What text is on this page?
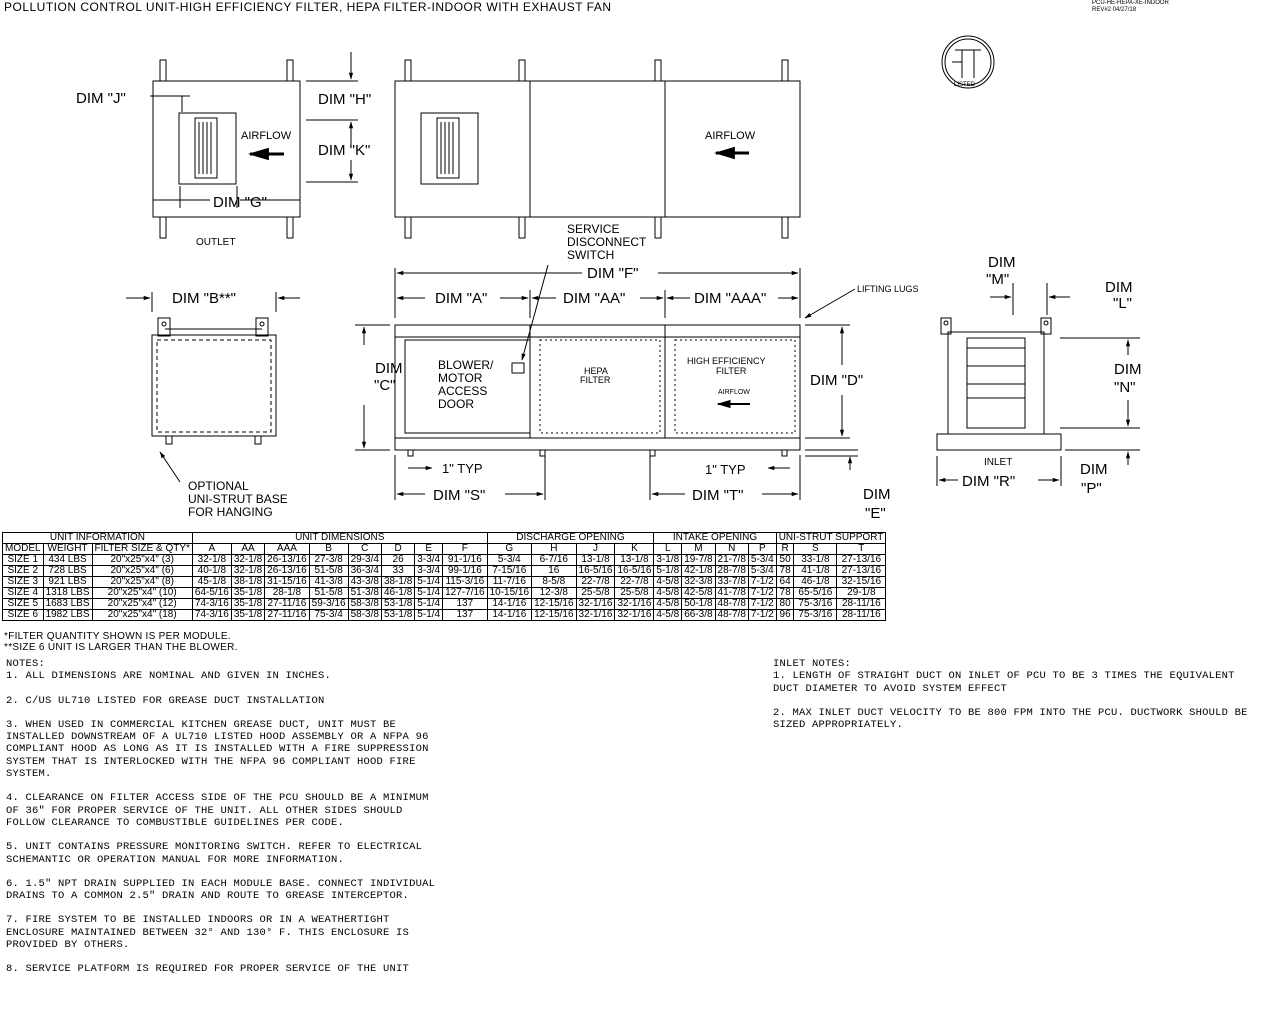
POLLUTION CONTROL UNIT-HIGH EFFICIENCY FILTER, HEPA FILTER-INDOOR WITH EXHAUST FAN	PCU-HE-HEPA-XE-INDOOR
REV#2 04/27/18
LISTED
DIM "J"	DIM "H"
DIM "K"
DIM "G"
AIRFLOW
OUTLET
AIRFLOW
SERVICE
DISCONNECT
SWITCH
DIM "F"
DIM "A"	DIM "AA"	DIM "AAA"
LIFTING LUGS
DIM
"C"	DIM "D"
BLOWER/
MOTOR
ACCESS
DOOR
HEPA
FILTER
HIGH EFFICIENCY
FILTER
AIRFLOW
1" TYP	1" TYP
DIM "S"	DIM "T"	DIM
"E"
DIM "B**"
OPTIONAL
UNI-STRUT BASE
FOR HANGING
DIM
"M"	DIM
"L"
DIM
"N"
INLET
DIM "R"
DIM
"P"
UNIT INFORMATION			UNIT DIMENSIONS								DISCHARGE OPENING				INTAKE OPENING				UNI-STRUT SUPPORT		
MODEL	WEIGHT	FILTER SIZE & QTY*	A	AA	AAA	B	C	D	E	F	G	H	J	K	L	M	N	P	R	S	T
SIZE 1	434 LBS	20"x25"x4" (3)	32-1/8	32-1/8	26-13/16	27-3/8	29-3/4	26	3-3/4	91-1/16	5-3/4	6-7/16	13-1/8	13-1/8	3-1/8	19-7/8	21-7/8	5-3/4	50	33-1/8	27-13/16
SIZE 2	728 LBS	20"x25"x4" (6)	40-1/8	32-1/8	26-13/16	51-5/8	36-3/4	33	3-3/4	99-1/16	7-15/16	16	16-5/16	16-5/16	5-1/8	42-1/8	28-7/8	5-3/4	78	41-1/8	27-13/16
SIZE 3	921 LBS	20"x25"x4" (8)	45-1/8	38-1/8	31-15/16	41-3/8	43-3/8	38-1/8	5-1/4	115-3/16	11-7/16	8-5/8	22-7/8	22-7/8	4-5/8	32-3/8	33-7/8	7-1/2	64	46-1/8	32-15/16
SIZE 4	1318 LBS	20"x25"x4" (10)	64-5/16	35-1/8	28-1/8	51-5/8	51-3/8	46-1/8	5-1/4	127-7/16	10-15/16	12-3/8	25-5/8	25-5/8	4-5/8	42-5/8	41-7/8	7-1/2	78	65-5/16	29-1/8
SIZE 5	1683 LBS	20"x25"x4" (12)	74-3/16	35-1/8	27-11/16	59-3/16	58-3/8	53-1/8	5-1/4	137	14-1/16	12-15/16	32-1/16	32-1/16	4-5/8	50-1/8	48-7/8	7-1/2	80	75-3/16	28-11/16
SIZE 6	1982 LBS	20"x25"x4" (18)	74-3/16	35-1/8	27-11/16	75-3/4	58-3/8	53-1/8	5-1/4	137	14-1/16	12-15/16	32-1/16	32-1/16	4-5/8	66-3/8	48-7/8	7-1/2	96	75-3/16	28-11/16
*FILTER QUANTITY SHOWN IS PER MODULE.
**SIZE 6 UNIT IS LARGER THAN THE BLOWER.

NOTES:

1. ALL DIMENSIONS ARE NOMINAL AND GIVEN IN INCHES.

2. C/US UL710 LISTED FOR GREASE DUCT INSTALLATION

3. WHEN USED IN COMMERCIAL KITCHEN GREASE DUCT, UNIT MUST BE INSTALLED DOWNSTREAM OF A UL710 LISTED HOOD ASSEMBLY OR A NFPA 96 COMPLIANT HOOD AS LONG AS IT IS INSTALLED WITH A FIRE SUPPRESSION SYSTEM THAT IS INTERLOCKED WITH THE NFPA 96 COMPLIANT HOOD FIRE SYSTEM.

4. CLEARANCE ON FILTER ACCESS SIDE OF THE PCU SHOULD BE A MINIMUM OF 36" FOR PROPER SERVICE OF THE UNIT. ALL OTHER SIDES SHOULD FOLLOW CLEARANCE TO COMBUSTIBLE GUIDELINES PER CODE.

5. UNIT CONTAINS PRESSURE MONITORING SWITCH. REFER TO ELECTRICAL SCHEMANTIC OR OPERATION MANUAL FOR MORE INFORMATION.

6. 1.5" NPT DRAIN SUPPLIED IN EACH MODULE BASE. CONNECT INDIVIDUAL DRAINS TO A COMMON 2.5" DRAIN AND ROUTE TO GREASE INTERCEPTOR.

7. FIRE SYSTEM TO BE INSTALLED INDOORS OR IN A WEATHERTIGHT ENCLOSURE MAINTAINED BETWEEN 32° AND 130° F. THIS ENCLOSURE IS PROVIDED BY OTHERS.

8. SERVICE PLATFORM IS REQUIRED FOR PROPER SERVICE OF THE UNIT

INLET NOTES:

1. LENGTH OF STRAIGHT DUCT ON INLET OF PCU TO BE 3 TIMES THE EQUIVALENT DUCT DIAMETER TO AVOID SYSTEM EFFECT

2. MAX INLET DUCT VELOCITY TO BE 800 FPM INTO THE PCU. DUCTWORK SHOULD BE SIZED APPROPRIATELY.
